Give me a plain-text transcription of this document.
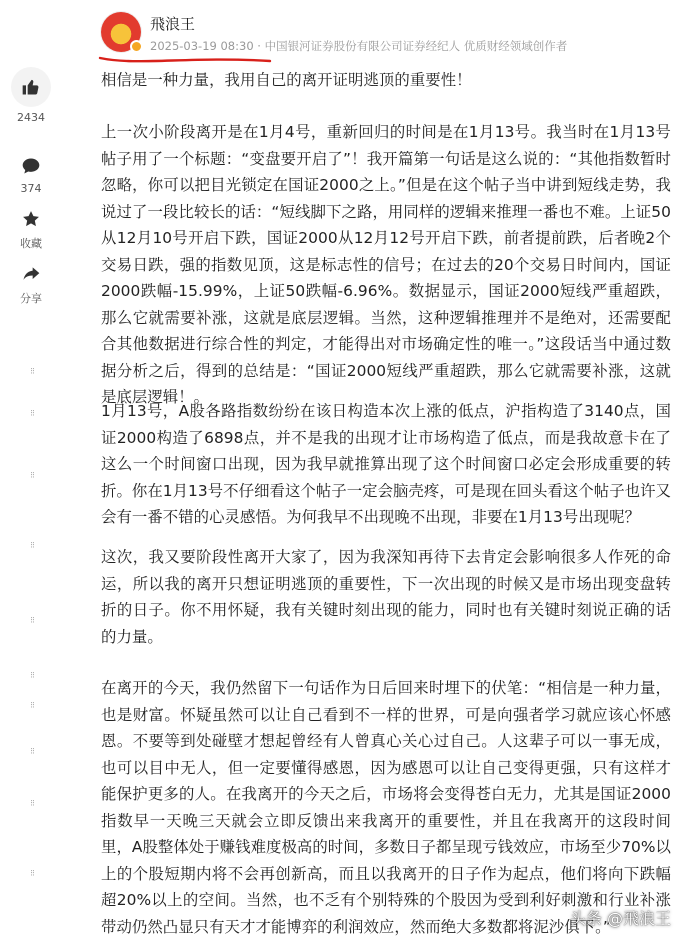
飛浪王
2025-03-19 08:30 · 中国银河证券股份有限公司证券经纪人 优质财经领域创作者
2434
374
收藏
分享
⁝⁝
⁝⁝
⁝⁝
⁝⁝
⁝⁝
⁝⁝
⁝⁝
⁝⁝
⁝⁝
⁝⁝

相信是一种力量，我用自己的离开证明逃顶的重要性！

上一次小阶段离开是在1月4号，重新回归的时间是在1月13号。我当时在1月13号帖子用了一个标题：“变盘要开启了”！我开篇第一句话是这么说的：“其他指数暂时忽略，你可以把目光锁定在国证2000之上。”但是在这个帖子当中讲到短线走势，我说过了一段比较长的话：“短线脚下之路，用同样的逻辑来推理一番也不难。上证50从12月10号开启下跌，国证2000从12月12号开启下跌，前者提前跌，后者晚2个交易日跌，强的指数见顶，这是标志性的信号；在过去的20个交易日时间内，国证2000跌幅-15.99%，上证50跌幅-6.96%。数据显示，国证2000短线严重超跌，那么它就需要补涨，这就是底层逻辑。当然，这种逻辑推理并不是绝对，还需要配合其他数据进行综合性的判定，才能得出对市场确定性的唯一。”这段话当中通过数据分析之后，得到的总结是：“国证2000短线严重超跌，那么它就需要补涨，这就是底层逻辑！。

1月13号，A股各路指数纷纷在该日构造本次上涨的低点，沪指构造了3140点，国证2000构造了6898点，并不是我的出现才让市场构造了低点，而是我故意卡在了这么一个时间窗口出现，因为我早就推算出现了这个时间窗口必定会形成重要的转折。你在1月13号不仔细看这个帖子一定会脑壳疼，可是现在回头看这个帖子也许又会有一番不错的心灵感悟。为何我早不出现晚不出现，非要在1月13号出现呢？

这次，我又要阶段性离开大家了，因为我深知再待下去肯定会影响很多人作死的命运，所以我的离开只想证明逃顶的重要性，下一次出现的时候又是市场出现变盘转折的日子。你不用怀疑，我有关键时刻出现的能力，同时也有关键时刻说正确的话的力量。

在离开的今天，我仍然留下一句话作为日后回来时埋下的伏笔：“相信是一种力量，也是财富。怀疑虽然可以让自己看到不一样的世界，可是向强者学习就应该心怀感恩。不要等到处碰壁才想起曾经有人曾真心关心过自己。人这辈子可以一事无成，也可以目中无人，但一定要懂得感恩，因为感恩可以让自己变得更强，只有这样才能保护更多的人。在我离开的今天之后，市场将会变得苍白无力，尤其是国证2000指数早一天晚三天就会立即反馈出来我离开的重要性，并且在我离开的这段时间里，A股整体处于赚钱难度极高的时间，多数日子都呈现亏钱效应，市场至少70%以上的个股短期内将不会再创新高，而且以我离开的日子作为起点，他们将向下跌幅超20%以上的空间。当然，也不乏有个别特殊的个股因为受到利好刺激和行业补涨带动仍然凸显只有天才才能博弈的利润效应，然而绝大多数都将泥沙俱下。”

头条 @飛浪王
